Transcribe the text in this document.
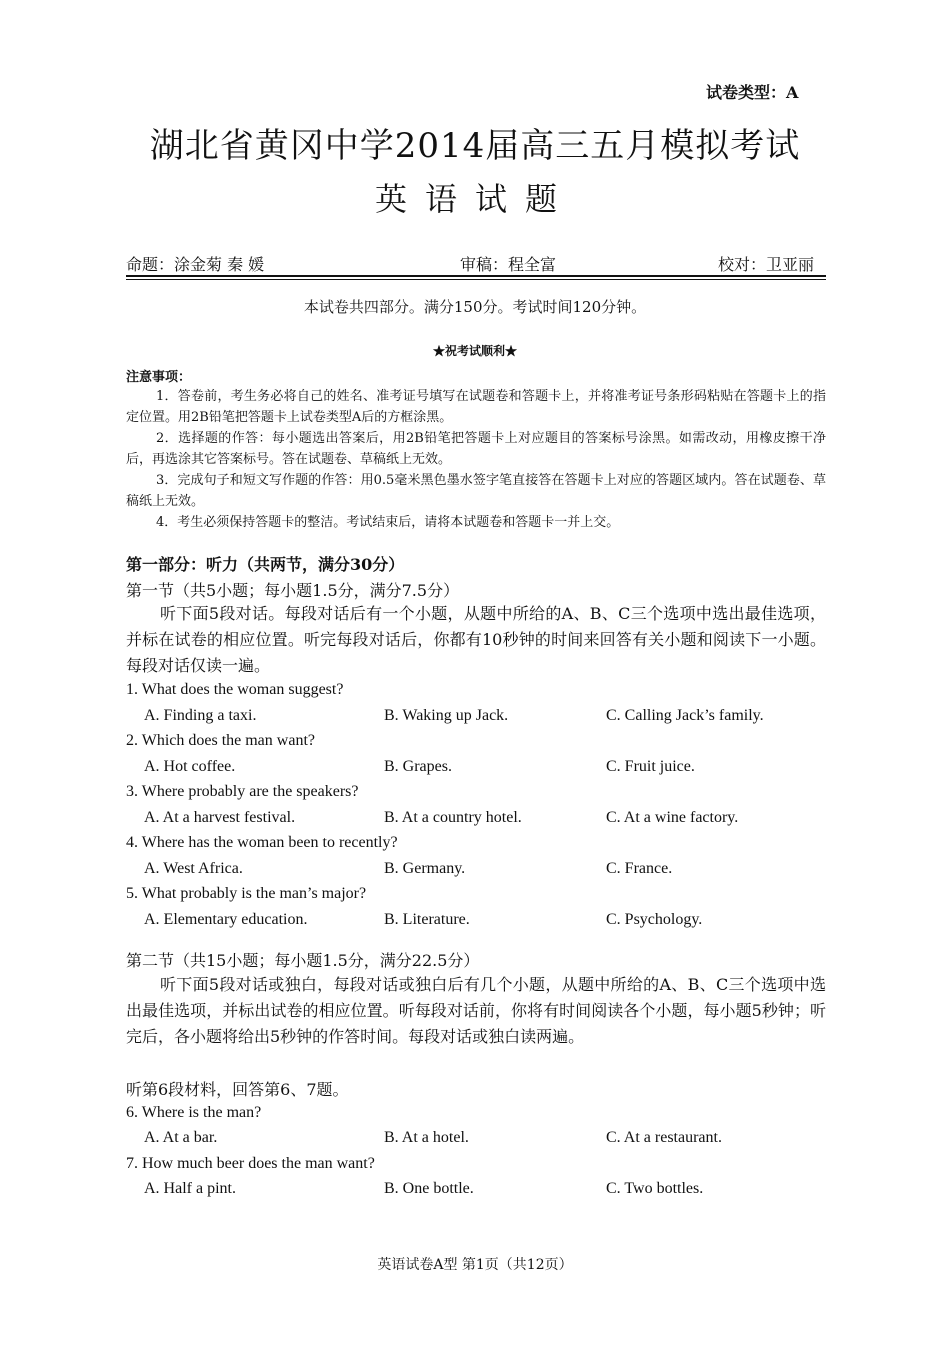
试卷类型：A
湖北省黄冈中学2014届高三五月模拟考试
英语试题
命题：涂金菊 秦 媛	审稿：程全富	校对：卫亚丽
本试卷共四部分。满分150分。考试时间120分钟。
★祝考试顺利★
注意事项：
1．答卷前，考生务必将自己的姓名、准考证号填写在试题卷和答题卡上，并将准考证号条形码粘贴在答题卡上的指定位置。用2B铅笔把答题卡上试卷类型A后的方框涂黑。
2．选择题的作答：每小题选出答案后，用2B铅笔把答题卡上对应题目的答案标号涂黑。如需改动，用橡皮擦干净后，再选涂其它答案标号。答在试题卷、草稿纸上无效。
3．完成句子和短文写作题的作答：用0.5毫米黑色墨水签字笔直接答在答题卡上对应的答题区域内。答在试题卷、草稿纸上无效。
4．考生必须保持答题卡的整洁。考试结束后，请将本试题卷和答题卡一并上交。
第一部分：听力（共两节，满分30分）
第一节（共5小题；每小题1.5分，满分7.5分）
听下面5段对话。每段对话后有一个小题，从题中所给的A、B、C三个选项中选出最佳选项，并标在试卷的相应位置。听完每段对话后，你都有10秒钟的时间来回答有关小题和阅读下一小题。每段对话仅读一遍。
1. What does the woman suggest?
A. Finding a taxi.	B. Waking up Jack.	C. Calling Jack’s family.
2. Which does the man want?
A. Hot coffee.	B. Grapes.	C. Fruit juice.
3. Where probably are the speakers?
A. At a harvest festival.	B. At a country hotel.	C. At a wine factory.
4. Where has the woman been to recently?
A. West Africa.	B. Germany.	C. France.
5. What probably is the man’s major?
A. Elementary education.	B. Literature.	C. Psychology.
第二节（共15小题；每小题1.5分，满分22.5分）
听下面5段对话或独白，每段对话或独白后有几个小题，从题中所给的A、B、C三个选项中选出最佳选项，并标出试卷的相应位置。听每段对话前，你将有时间阅读各个小题，每小题5秒钟；听完后，各小题将给出5秒钟的作答时间。每段对话或独白读两遍。
听第6段材料，回答第6、7题。
6. Where is the man?
A. At a bar.	B. At a hotel.	C. At a restaurant.
7. How much beer does the man want?
A. Half a pint.	B. One bottle.	C. Two bottles.
英语试卷A型 第1页（共12页）
